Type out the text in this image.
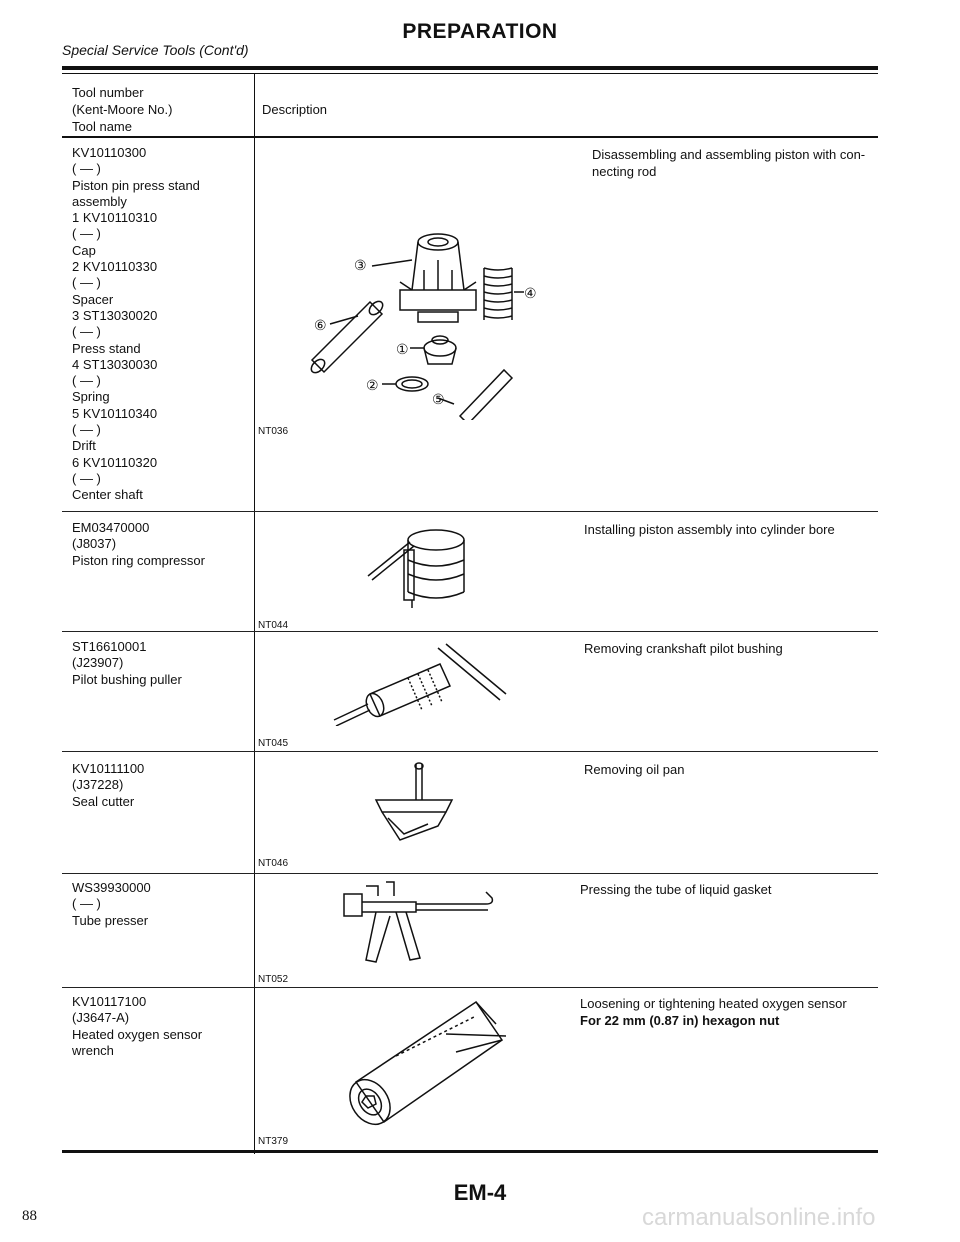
Special Service Tools (Cont'd)
PREPARATION
Tool number
(Kent-Moore No.)
Tool name
Description
KV10110300
( — )
Piston pin press stand
assembly
1 KV10110310
( — )
Cap
2 KV10110330
( — )
Spacer
3 ST13030020
( — )
Press stand
4 ST13030030
( — )
Spring
5 KV10110340
( — )
Drift
6 KV10110320
( — )
Center shaft
Disassembling and assembling piston with con-
necting rod
③
④
⑥
①
②
⑤
NT036
EM03470000
(J8037)
Piston ring compressor
Installing piston assembly into cylinder bore
NT044
ST16610001
(J23907)
Pilot bushing puller
Removing crankshaft pilot bushing
NT045
KV10111100
(J37228)
Seal cutter
Removing oil pan
NT046
WS39930000
( — )
Tube presser
Pressing the tube of liquid gasket
NT052
KV10117100
(J3647-A)
Heated oxygen sensor
wrench
Loosening or tightening heated oxygen sensor
For 22 mm (0.87 in) hexagon nut
NT379
EM-4
88	carmanualsonline.info
